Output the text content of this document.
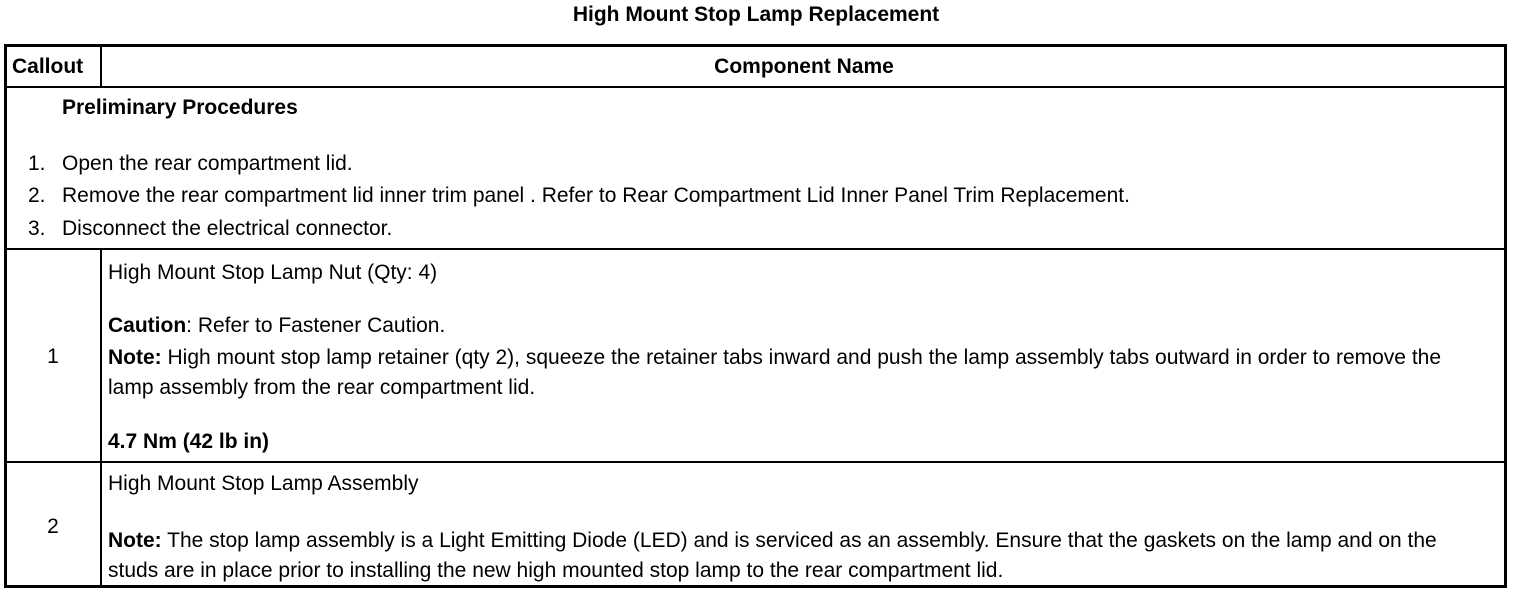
High Mount Stop Lamp Replacement
Callout	Component Name
Preliminary Procedures
1. Open the rear compartment lid.
2. Remove the rear compartment lid inner trim panel . Refer to Rear Compartment Lid Inner Panel Trim Replacement.
3. Disconnect the electrical connector.
1
High Mount Stop Lamp Nut (Qty: 4)
Caution: Refer to Fastener Caution.
Note: High mount stop lamp retainer (qty 2), squeeze the retainer tabs inward and push the lamp assembly tabs outward in order to remove the lamp assembly from the rear compartment lid.
4.7 Nm (42 lb in)
2
High Mount Stop Lamp Assembly
Note: The stop lamp assembly is a Light Emitting Diode (LED) and is serviced as an assembly. Ensure that the gaskets on the lamp and on the studs are in place prior to installing the new high mounted stop lamp to the rear compartment lid.
